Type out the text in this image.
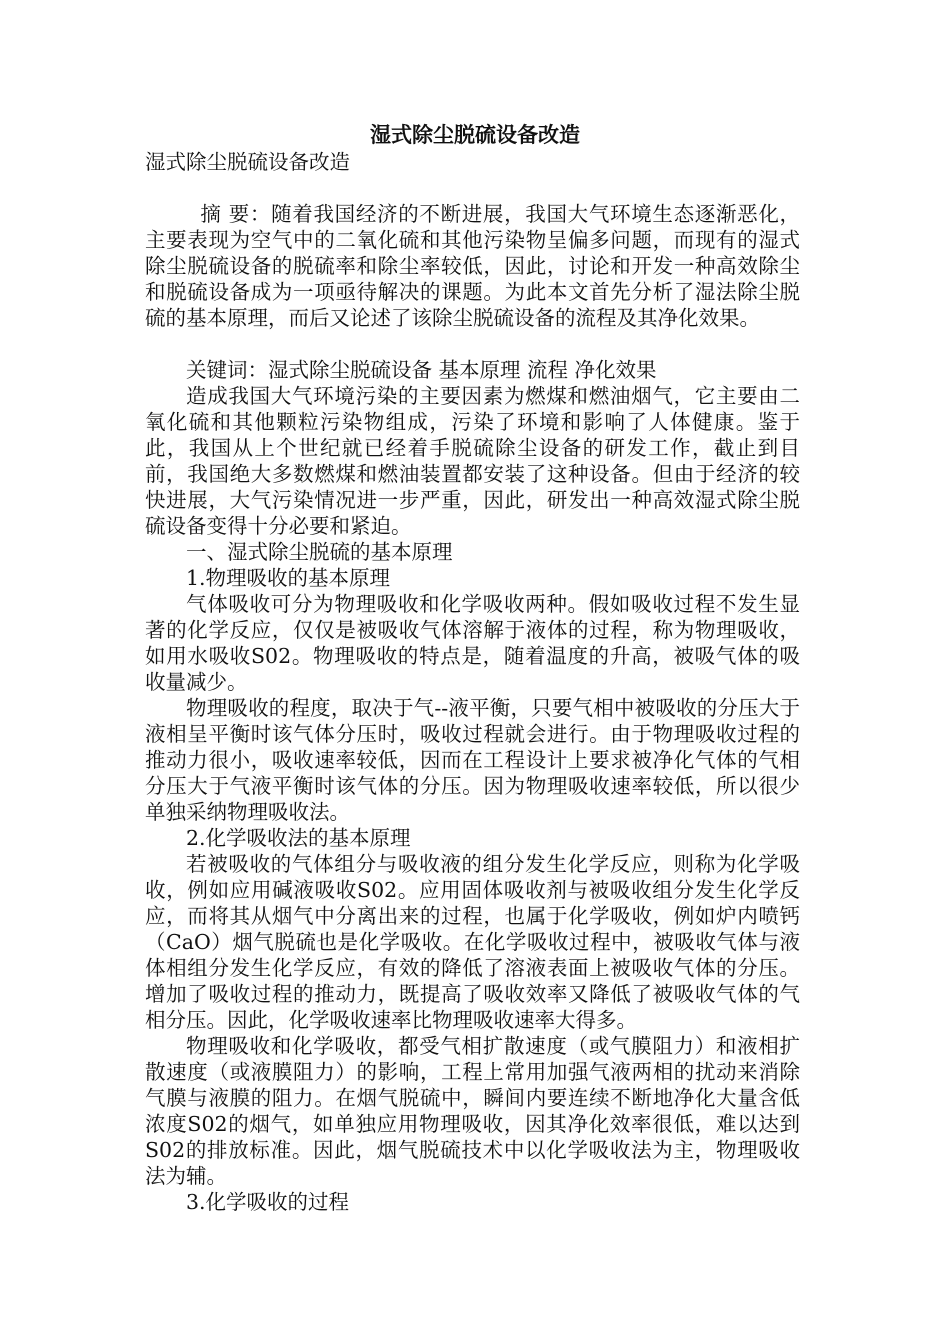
湿式除尘脱硫设备改造

湿式除尘脱硫设备改造

摘 要：随着我国经济的不断进展，我国大气环境生态逐渐恶化，主要表现为空气中的二氧化硫和其他污染物呈偏多问题，而现有的湿式除尘脱硫设备的脱硫率和除尘率较低，因此，讨论和开发一种高效除尘和脱硫设备成为一项亟待解决的课题。为此本文首先分析了湿法除尘脱硫的基本原理，而后又论述了该除尘脱硫设备的流程及其净化效果。

关键词：湿式除尘脱硫设备 基本原理 流程 净化效果

造成我国大气环境污染的主要因素为燃煤和燃油烟气，它主要由二氧化硫和其他颗粒污染物组成，污染了环境和影响了人体健康。鉴于此，我国从上个世纪就已经着手脱硫除尘设备的研发工作，截止到目前，我国绝大多数燃煤和燃油装置都安装了这种设备。但由于经济的较快进展，大气污染情况进一步严重，因此，研发出一种高效湿式除尘脱硫设备变得十分必要和紧迫。

一、湿式除尘脱硫的基本原理

1.物理吸收的基本原理

气体吸收可分为物理吸收和化学吸收两种。假如吸收过程不发生显著的化学反应，仅仅是被吸收气体溶解于液体的过程，称为物理吸收，如用水吸收S02。物理吸收的特点是，随着温度的升高，被吸气体的吸收量减少。

物理吸收的程度，取决于气--液平衡，只要气相中被吸收的分压大于液相呈平衡时该气体分压时，吸收过程就会进行。由于物理吸收过程的推动力很小，吸收速率较低，因而在工程设计上要求被净化气体的气相分压大于气液平衡时该气体的分压。因为物理吸收速率较低，所以很少单独采纳物理吸收法。

2.化学吸收法的基本原理

若被吸收的气体组分与吸收液的组分发生化学反应，则称为化学吸收，例如应用碱液吸收S02。应用固体吸收剂与被吸收组分发生化学反应，而将其从烟气中分离出来的过程，也属于化学吸收，例如炉内喷钙（CaO）烟气脱硫也是化学吸收。在化学吸收过程中，被吸收气体与液体相组分发生化学反应，有效的降低了溶液表面上被吸收气体的分压。增加了吸收过程的推动力，既提高了吸收效率又降低了被吸收气体的气相分压。因此，化学吸收速率比物理吸收速率大得多。

物理吸收和化学吸收，都受气相扩散速度（或气膜阻力）和液相扩散速度（或液膜阻力）的影响，工程上常用加强气液两相的扰动来消除气膜与液膜的阻力。在烟气脱硫中，瞬间内要连续不断地净化大量含低浓度S02的烟气，如单独应用物理吸收，因其净化效率很低，难以达到S02的排放标准。因此，烟气脱硫技术中以化学吸收法为主，物理吸收法为辅。

3.化学吸收的过程
